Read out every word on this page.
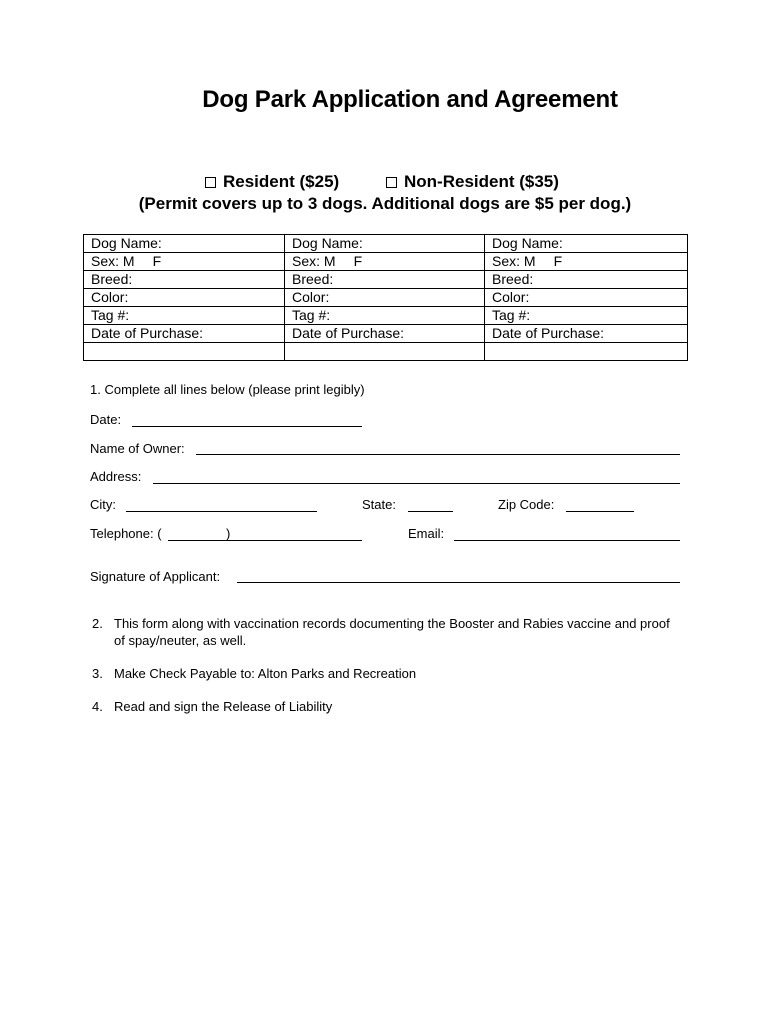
Dog Park Application and Agreement
Resident ($25)	Non-Resident ($35)
(Permit covers up to 3 dogs. Additional dogs are $5 per dog.)
Dog Name:	Dog Name:	Dog Name:
Sex: M F	Sex: M F	Sex: M F
Breed:	Breed:	Breed:
Color:	Color:	Color:
Tag #:	Tag #:	Tag #:
Date of Purchase:	Date of Purchase:	Date of Purchase:

1. Complete all lines below (please print legibly)
Date:
Name of Owner:
Address:
City:	State:	Zip Code:
Telephone: (	)	Email:
Signature of Applicant:
2. This form along with vaccination records documenting the Booster and Rabies vaccine and proof of spay/neuter, as well.
3. Make Check Payable to: Alton Parks and Recreation
4. Read and sign the Release of Liability
